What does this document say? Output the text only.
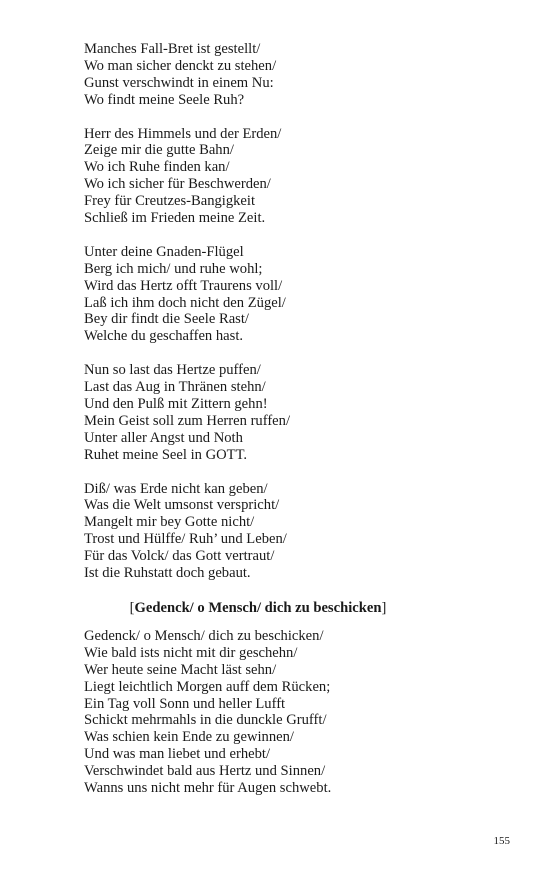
Manches Fall-Bret ist gestellt/
Wo man sicher denckt zu stehen/
Gunst verschwindt in einem Nu:
Wo findt meine Seele Ruh?
Herr des Himmels und der Erden/
Zeige mir die gutte Bahn/
Wo ich Ruhe finden kan/
Wo ich sicher für Beschwerden/
Frey für Creutzes-Bangigkeit
Schließ im Frieden meine Zeit.
Unter deine Gnaden-Flügel
Berg ich mich/ und ruhe wohl;
Wird das Hertz offt Traurens voll/
Laß ich ihm doch nicht den Zügel/
Bey dir findt die Seele Rast/
Welche du geschaffen hast.
Nun so last das Hertze puffen/
Last das Aug in Thränen stehn/
Und den Pulß mit Zittern gehn!
Mein Geist soll zum Herren ruffen/
Unter aller Angst und Noth
Ruhet meine Seel in GOTT.
Diß/ was Erde nicht kan geben/
Was die Welt umsonst verspricht/
Mangelt mir bey Gotte nicht/
Trost und Hülffe/ Ruh’ und Leben/
Für das Volck/ das Gott vertraut/
Ist die Ruhstatt doch gebaut.
[Gedenck/ o Mensch/ dich zu beschicken]
Gedenck/ o Mensch/ dich zu beschicken/
Wie bald ists nicht mit dir geschehn/
Wer heute seine Macht läst sehn/
Liegt leichtlich Morgen auff dem Rücken;
Ein Tag voll Sonn und heller Lufft
Schickt mehrmahls in die dunckle Grufft/
Was schien kein Ende zu gewinnen/
Und was man liebet und erhebt/
Verschwindet bald aus Hertz und Sinnen/
Wanns uns nicht mehr für Augen schwebt.
155
